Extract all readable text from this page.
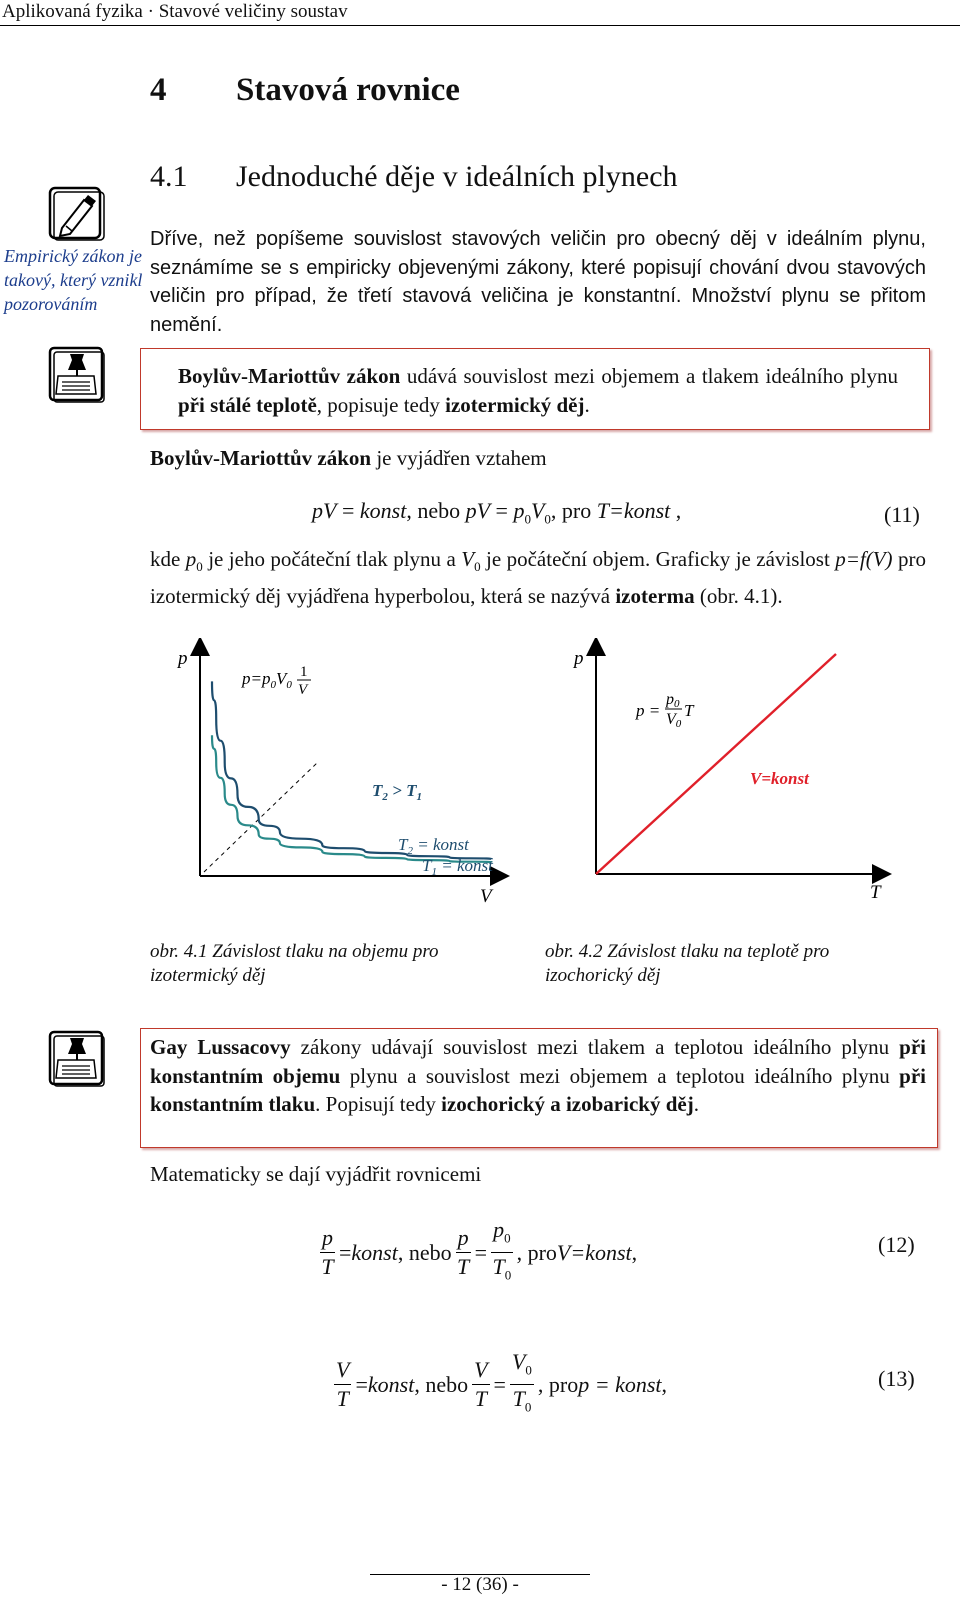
Aplikovaná fyzika · Stavové veličiny soustav
4 Stavová rovnice
4.1 Jednoduché děje v ideálních plynech
Empirický zákon je takový, který vznikl pozorováním
Dříve, než popíšeme souvislost stavových veličin pro obecný děj v ideálním plynu, seznámíme se s empiricky objevenými zákony, které popisují chování dvou stavových veličin pro případ, že třetí stavová veličina je konstantní. Množství plynu se přitom nemění.
Boylův-Mariottův zákon udává souvislost mezi objemem a tlakem ideálního plynu při stálé teplotě, popisuje tedy izotermický děj.
Boylův-Mariottův zákon je vyjádřen vztahem
pV = konst, nebo pV = $p_0V_0$, pro T=konst ,	(11)
kde $p_0$ je jeho počáteční tlak plynu a $V_0$ je počáteční objem. Graficky je závislost p=f(V) pro izotermický děj vyjádřena hyperbolou, která se nazývá izoterma (obr. 4.1).
p
V
$p=p_0V_0$
1
V
$T_2 > T_1$
$T_2$ = konst
$T_1$ = konst
p
T
p =
p0
V0
T
V=konst
obr. 4.1 Závislost tlaku na objemu pro
izotermický děj
obr. 4.2 Závislost tlaku na teplotě pro
izochorický děj
Gay Lussacovy zákony udávají souvislost mezi tlakem a teplotou ideálního plynu při konstantním objemu plynu a souvislost mezi objemem a teplotou ideálního plynu při konstantním tlaku. Popisují tedy izochorický a izobarický děj.
Matematicky se dají vyjádřit rovnicemi
$\frac{p}{T}$ = konst , nebo $\frac{p}{T} = \frac{p_0}{T_0}$ , pro V=konst ,	(12)
$\frac{V}{T}$ = konst , nebo $\frac{V}{T} = \frac{V_0}{T_0}$ , pro p = konst ,	(13)
- 12 (36) -
